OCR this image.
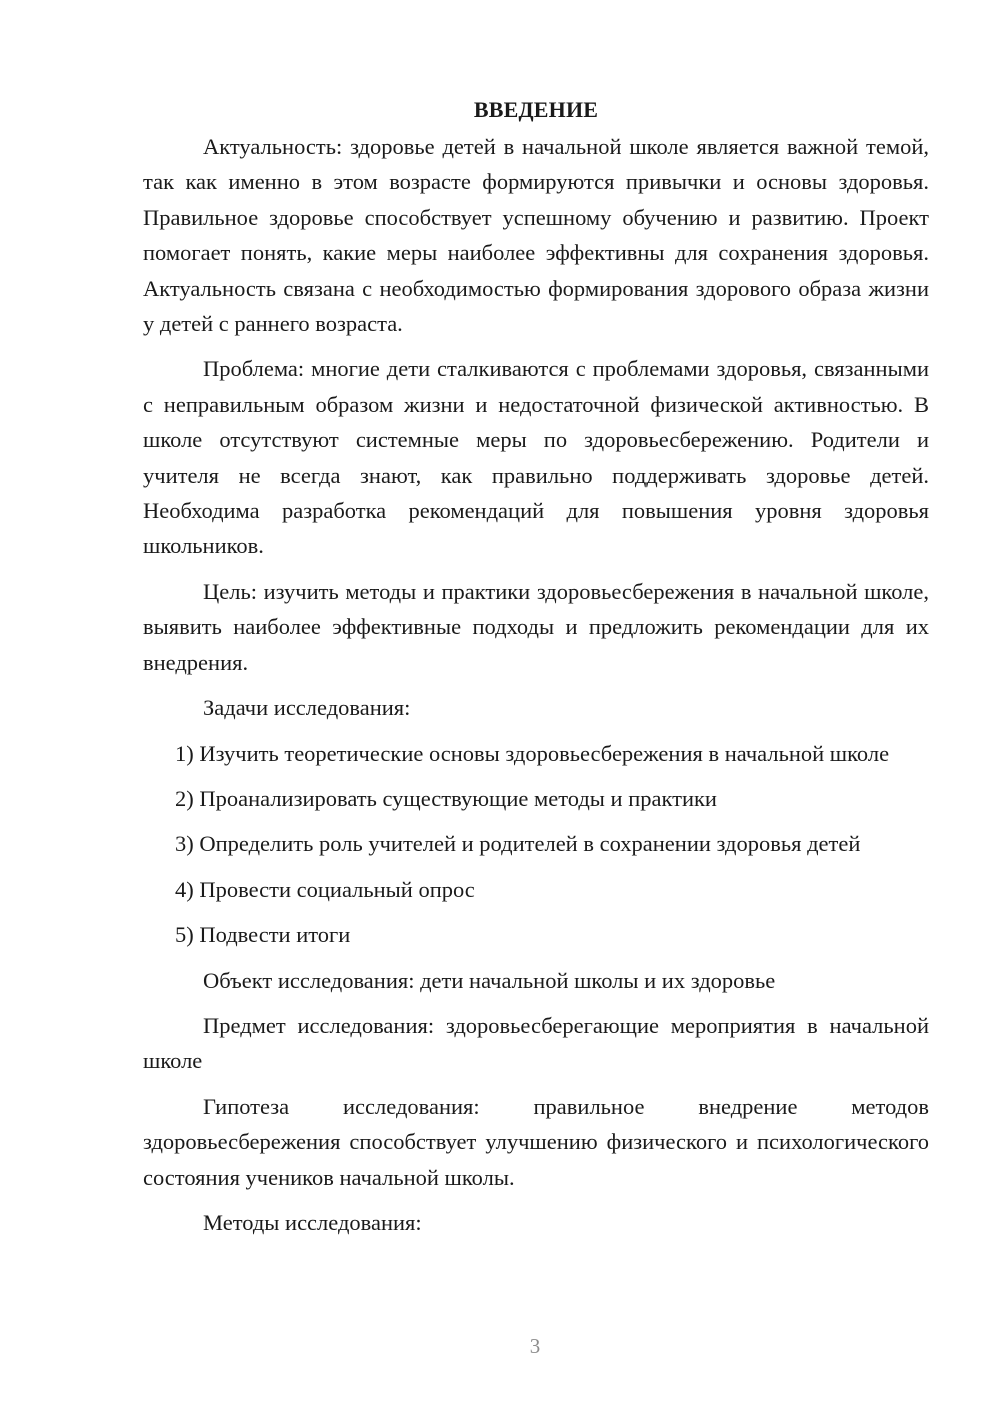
ВВЕДЕНИЕ

Актуальность: здоровье детей в начальной школе является важной темой, так как именно в этом возрасте формируются привычки и основы здоровья. Правильное здоровье способствует успешному обучению и развитию. Проект помогает понять, какие меры наиболее эффективны для сохранения здоровья. Актуальность связана с необходимостью формирования здорового образа жизни у детей с раннего возраста.

Проблема: многие дети сталкиваются с проблемами здоровья, связанными с неправильным образом жизни и недостаточной физической активностью. В школе отсутствуют системные меры по здоровьесбережению. Родители и учителя не всегда знают, как правильно поддерживать здоровье детей. Необходима разработка рекомендаций для повышения уровня здоровья школьников.

Цель: изучить методы и практики здоровьесбережения в начальной школе, выявить наиболее эффективные подходы и предложить рекомендации для их внедрения.

Задачи исследования:

1) Изучить теоретические основы здоровьесбережения в начальной школе

2) Проанализировать существующие методы и практики

3) Определить роль учителей и родителей в сохранении здоровья детей

4) Провести социальный опрос

5) Подвести итоги

Объект исследования: дети начальной школы и их здоровье

Предмет исследования: здоровьесберегающие мероприятия в начальной школе

Гипотеза исследования: правильное внедрение методов здоровьесбережения способствует улучшению физического и психологического состояния учеников начальной школы.

Методы исследования:

3
